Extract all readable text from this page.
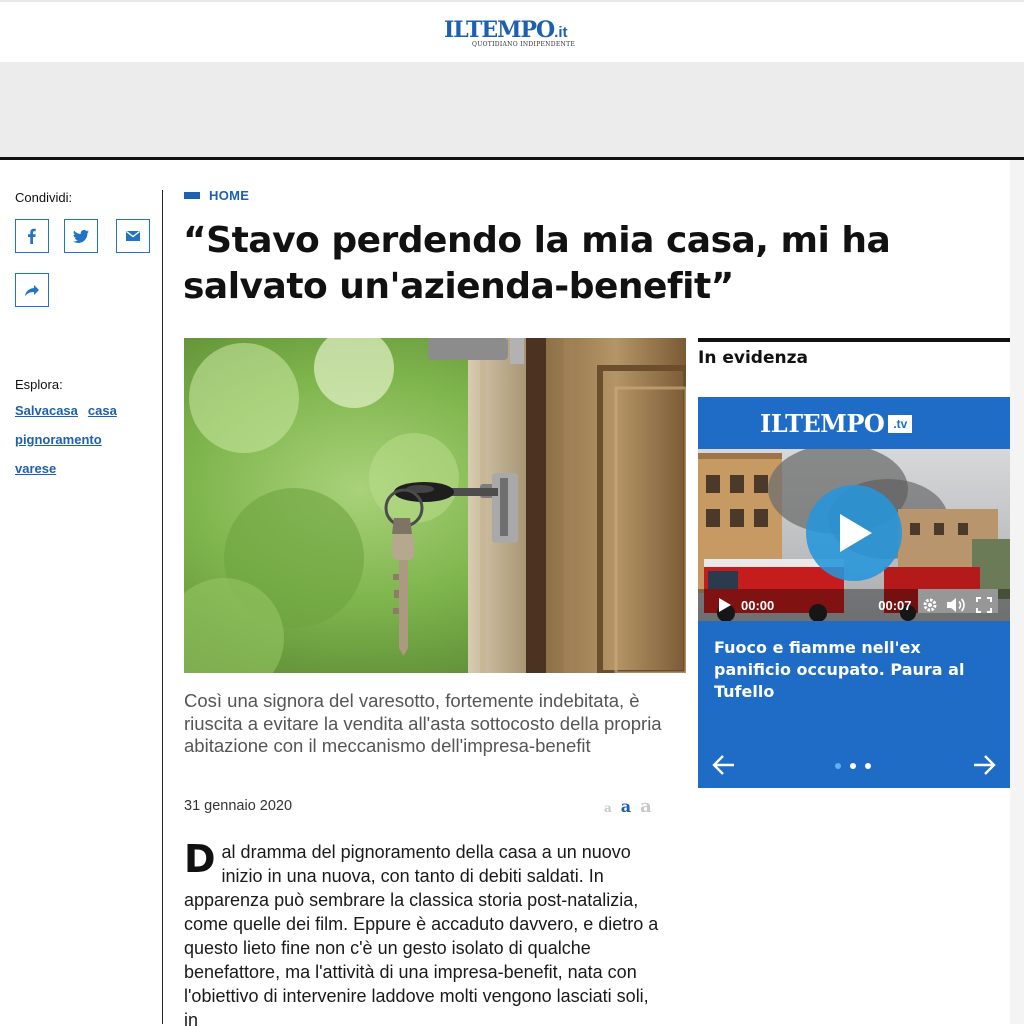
ILTEMPO.it
QUOTIDIANO INDIPENDENTE
Condividi:
Esplora:
Salvacasa casa
pignoramento
varese
HOME
“Stavo perdendo la mia casa, mi ha salvato un'azienda-benefit”
Così una signora del varesotto, fortemente indebitata, è riuscita a evitare la vendita all'asta sottocosto della propria abitazione con il meccanismo dell'impresa-benefit
31 gennaio 2020	a a a
Dal dramma del pignoramento della casa a un nuovo inizio in una nuova, con tanto di debiti saldati. In apparenza può sembrare la classica storia post-natalizia, come quelle dei film. Eppure è accaduto davvero, e dietro a questo lieto fine non c'è un gesto isolato di qualche benefattore, ma l'attività di una impresa-benefit, nata con l'obiettivo di intervenire laddove molti vengono lasciati soli, in
In evidenza
ILTEMPO .tv
00:00	00:07
Fuoco e fiamme nell'ex panificio occupato. Paura al Tufello
